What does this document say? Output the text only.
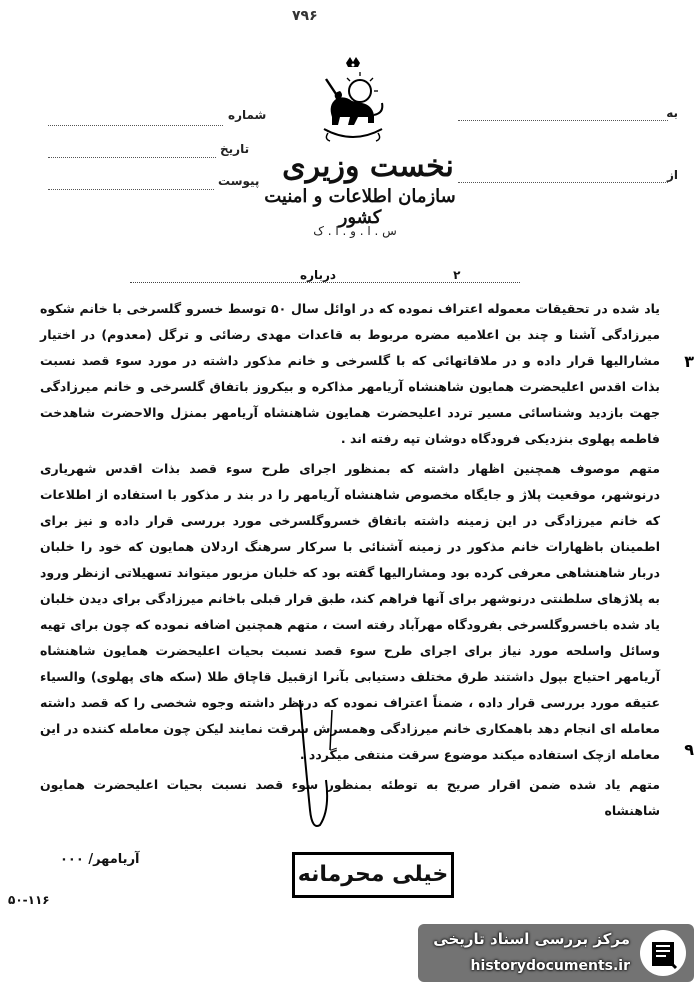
۷۹۶
به
از
شماره
تاریخ
پیوست نخست وزیری
سازمان اطلاعات و امنیت کشور
س . ا . و . ا . ک
۲                            درباره

یاد شده در تحقیقات معموله اعتراف نموده که در اوائل سال ۵۰ توسط خسرو گلسرخی با خانم شکوه میرزادگی آشنا و چند بن اعلامیه مضره مربوط به قاعدات مهدی رضائی و ترگل (معدوم) در اختیار مشارالیها قرار داده و در ملاقاتهائی که با گلسرخی و خانم مذکور داشته در مورد سوء قصد نسبت بذات اقدس اعلیحضرت همایون شاهنشاه آریامهر مذاکره و بیکروز باتفاق گلسرخی و خانم میرزادگی جهت بازدید وشناسائی مسیر تردد اعلیحضرت همایون شاهنشاه آریامهر بمنزل والاحضرت شاهدخت فاطمه پهلوی بنزدیکی فرودگاه دوشان تپه رفته اند .

متهم موصوف همچنین اظهار داشته که بمنظور اجرای طرح سوء قصد بذات اقدس شهریاری درنوشهر، موقعیت پلاژ و جایگاه مخصوص شاهنشاه آریامهر را در بند ر مذکور با استفاده از اطلاعات که خانم میرزادگی در این زمینه داشته باتفاق خسروگلسرخی مورد بررسی قرار داده و نیز برای اطمینان باظهارات خانم مذکور در زمینه آشنائی با سرکار سرهنگ اردلان همایون که خود را خلبان دربار شاهنشاهی معرفی کرده بود ومشارالیها گفته بود که خلبان مزبور میتواند تسهیلاتی ازنظر ورود به پلاژهای سلطنتی درنوشهر برای آنها فراهم کند، طبق قرار قبلی باخانم میرزادگی برای دیدن خلبان یاد شده باخسروگلسرخی بفرودگاه مهرآباد رفته است ، متهم همچنین اضافه نموده که چون برای تهیه وسائل واسلحه مورد نیاز برای اجرای طرح سوء قصد نسبت بحیات اعلیحضرت همایون شاهنشاه آریامهر احتیاج بپول داشتند طرق مختلف دستیابی بآنرا ازقبیل قاچاق طلا (سکه های پهلوی) والسیاء عتیقه مورد بررسی قرار داده ، ضمناً اعتراف نموده که درنظر داشته وجوه شخصی را که قصد داشته معامله ای انجام دهد باهمکاری خانم میرزادگی وهمسرش سرقت نمایند لیکن چون معامله کننده در این معامله ازچک استفاده میکند موضوع سرقت منتفی میگردد .

متهم یاد شده ضمن اقرار صریح به توطئه بمنظور سوء قصد نسبت بحیات اعلیحضرت همایون شاهنشاه

آریامهر/ ۰۰۰
خیلی محرمانه
۵۰-۱۱۶
۳
۹
مرکز بررسی اسناد تاریخی
historydocuments.ir
